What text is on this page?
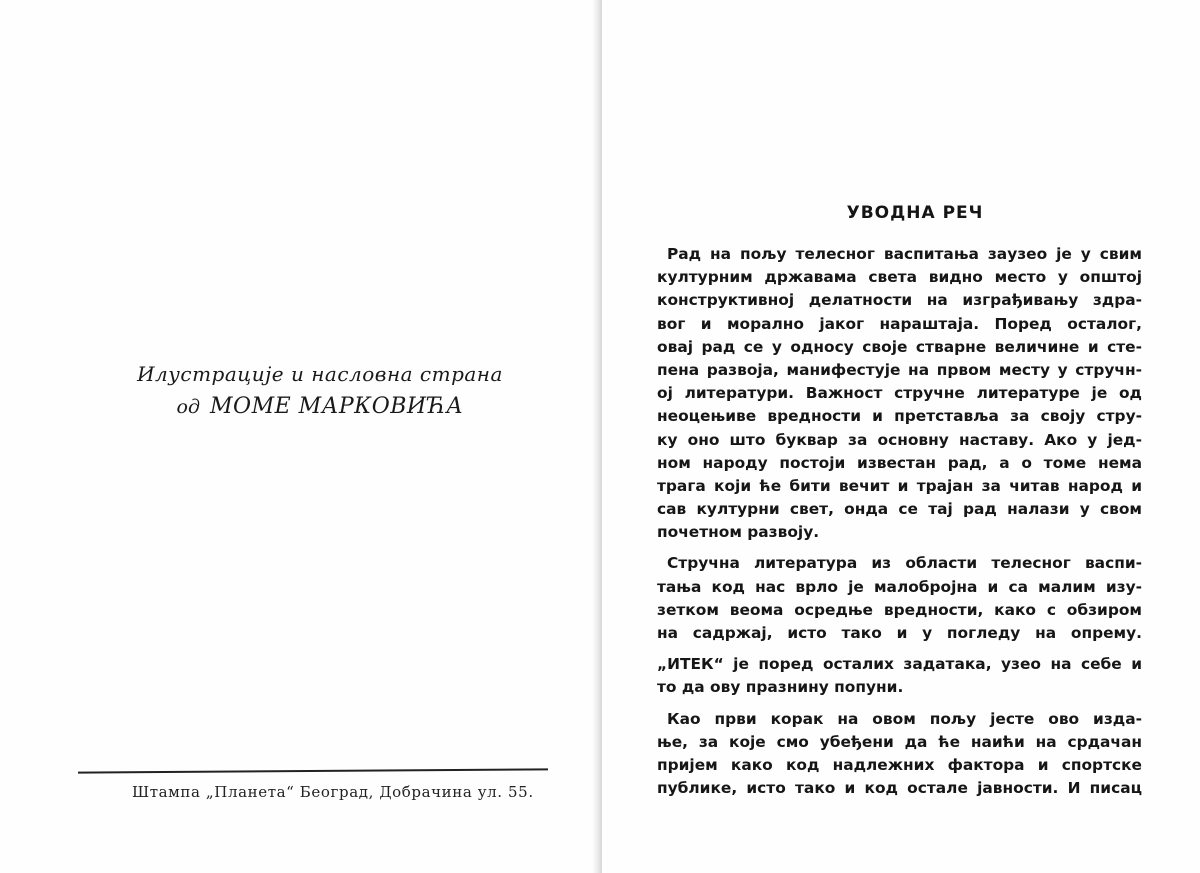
Илустрације и насловна страна
од МОМЕ МАРКОВИЋА
Штампа „Планета“ Београд, Добрачина ул. 55.
УВОДНА РЕЧ
Рад на пољу телесног васпитања заузео је у свим
културним државама света видно место у општој
конструктивној делатности на изграђивању здра-
вог и морално јаког нараштаја. Поред осталог,
овај рад се у односу своје стварне величине и сте-
пена развоја, манифестује на првом месту у стручн-
ој литератури. Важност стручне литературе је од
неоцењиве вредности и претставља за своју стру-
ку оно што буквар за основну наставу. Ако у јед-
ном народу постоји известан рад, а о томе нема
трага који ће бити вечит и трајан за читав народ и
сав културни свет, онда се тај рад налази у свом
почетном развоју.
Стручна литература из области телесног васпи-
тања код нас врло је малобројна и са малим изу-
зетком веома осредње вредности, како с обзиром
на садржај, исто тако и у погледу на опрему.
„ИТЕК“ је поред осталих задатака, узео на себе и
то да ову празнину попуни.
Као први корак на овом пољу јесте ово изда-
ње, за које смо убеђени да ће наићи на срдачан
пријем како код надлежних фактора и спортске
публике, исто тако и код остале јавности. И писац
